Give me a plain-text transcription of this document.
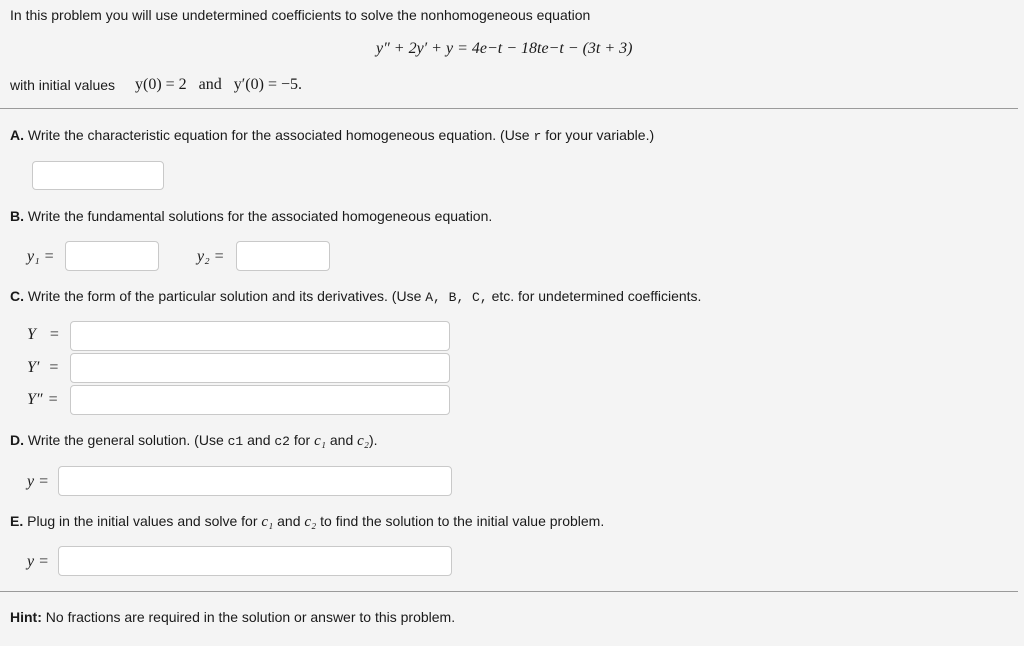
In this problem you will use undetermined coefficients to solve the nonhomogeneous equation
y″ + 2y′ + y = 4e−t − 18te−t − (3t + 3)
with initial values y(0) = 2   and   y′(0) = −5.
A. Write the characteristic equation for the associated homogeneous equation. (Use r for your variable.)
B. Write the fundamental solutions for the associated homogeneous equation.
y₁ =	y₂ =
C. Write the form of the particular solution and its derivatives. (Use A, B, C, etc. for undetermined coefficients.
Y =
Y′ =
Y″ =
D. Write the general solution. (Use c1 and c2 for c₁ and c₂).
y =
E. Plug in the initial values and solve for c₁ and c₂ to find the solution to the initial value problem.
y =
Hint: No fractions are required in the solution or answer to this problem.
